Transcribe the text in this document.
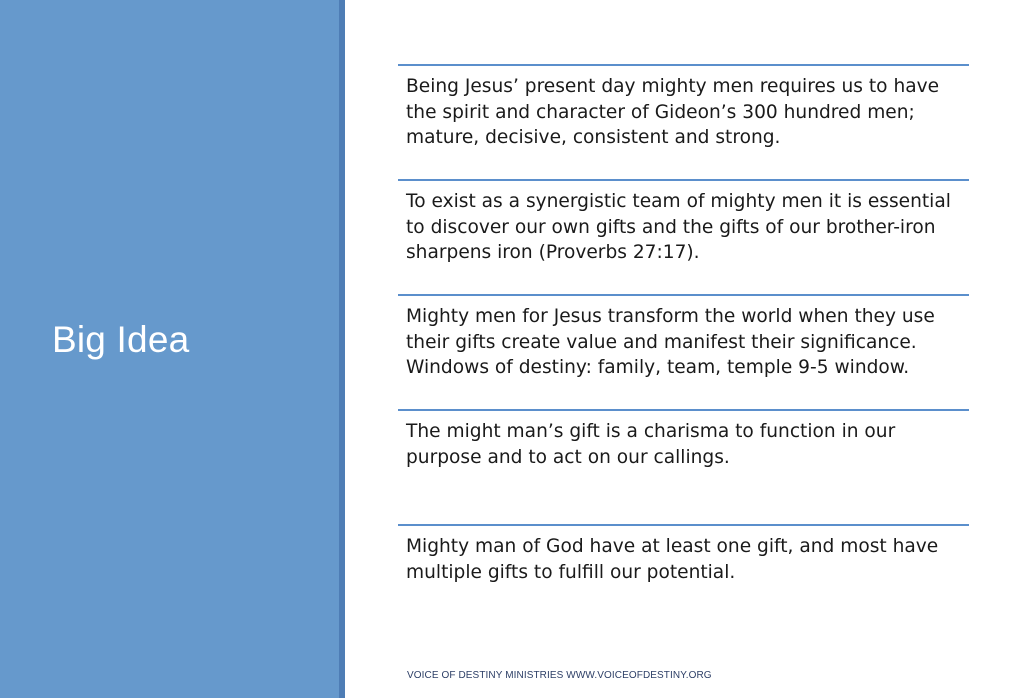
Big Idea
Being Jesus’ present day mighty men requires us to have the spirit and character of Gideon’s 300 hundred men; mature, decisive, consistent and strong.
To exist as a synergistic team of mighty men it is essential to discover our own gifts and the gifts of our brother-iron sharpens iron (Proverbs 27:17).
Mighty men for Jesus transform the world when they use their gifts create value and manifest their significance. Windows of destiny: family, team, temple 9-5 window.
The might man’s gift is a charisma to function in our purpose and to act on our callings.
Mighty man of God have at least one gift, and most have multiple gifts to fulfill our potential.
VOICE OF DESTINY MINISTRIES WWW.VOICEOFDESTINY.ORG
